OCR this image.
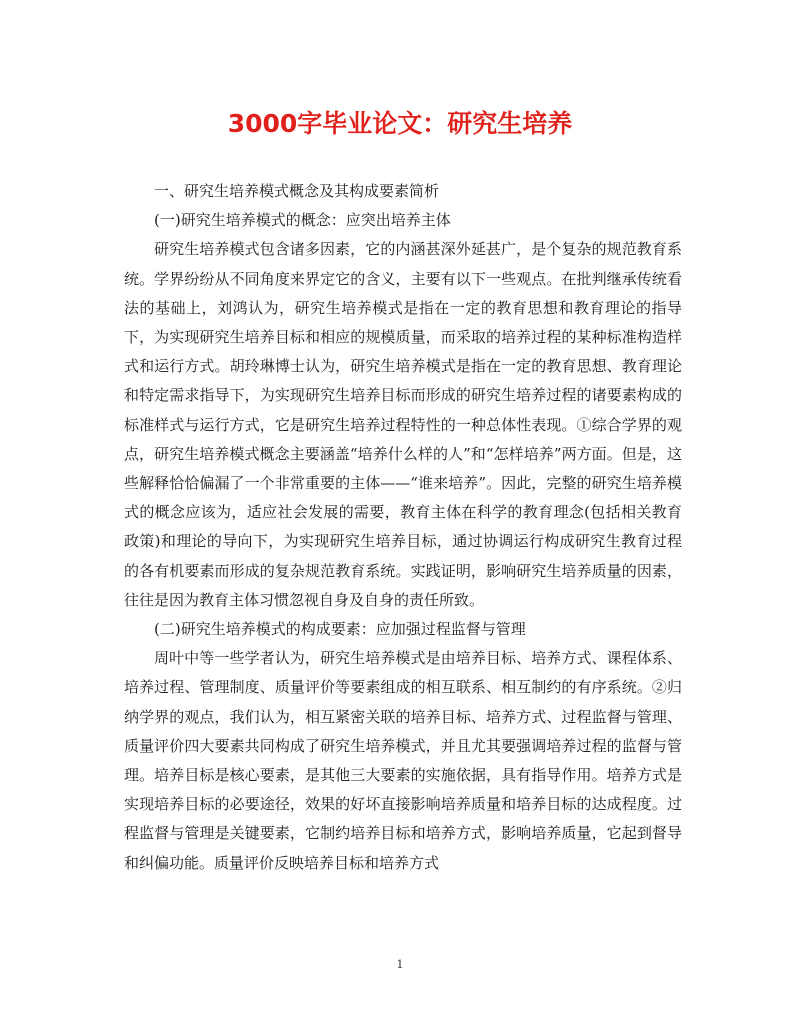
3000字毕业论文：研究生培养

一、研究生培养模式概念及其构成要素简析

(一)研究生培养模式的概念：应突出培养主体

研究生培养模式包含诸多因素，它的内涵甚深外延甚广，是个复杂的规范教育系统。学界纷纷从不同角度来界定它的含义，主要有以下一些观点。在批判继承传统看法的基础上，刘鸿认为，研究生培养模式是指在一定的教育思想和教育理论的指导下，为实现研究生培养目标和相应的规模质量，而采取的培养过程的某种标准构造样式和运行方式。胡玲琳博士认为，研究生培养模式是指在一定的教育思想、教育理论和特定需求指导下，为实现研究生培养目标而形成的研究生培养过程的诸要素构成的标准样式与运行方式，它是研究生培养过程特性的一种总体性表现。①综合学界的观点，研究生培养模式概念主要涵盖“培养什么样的人”和“怎样培养”两方面。但是，这些解释恰恰偏漏了一个非常重要的主体——“谁来培养”。因此，完整的研究生培养模式的概念应该为，适应社会发展的需要，教育主体在科学的教育理念(包括相关教育政策)和理论的导向下，为实现研究生培养目标，通过协调运行构成研究生教育过程的各有机要素而形成的复杂规范教育系统。实践证明，影响研究生培养质量的因素，往往是因为教育主体习惯忽视自身及自身的责任所致。

(二)研究生培养模式的构成要素：应加强过程监督与管理

周叶中等一些学者认为，研究生培养模式是由培养目标、培养方式、课程体系、培养过程、管理制度、质量评价等要素组成的相互联系、相互制约的有序系统。②归纳学界的观点，我们认为，相互紧密关联的培养目标、培养方式、过程监督与管理、质量评价四大要素共同构成了研究生培养模式，并且尤其要强调培养过程的监督与管理。培养目标是核心要素，是其他三大要素的实施依据，具有指导作用。培养方式是实现培养目标的必要途径，效果的好坏直接影响培养质量和培养目标的达成程度。过程监督与管理是关键要素，它制约培养目标和培养方式，影响培养质量，它起到督导和纠偏功能。质量评价反映培养目标和培养方式

1
